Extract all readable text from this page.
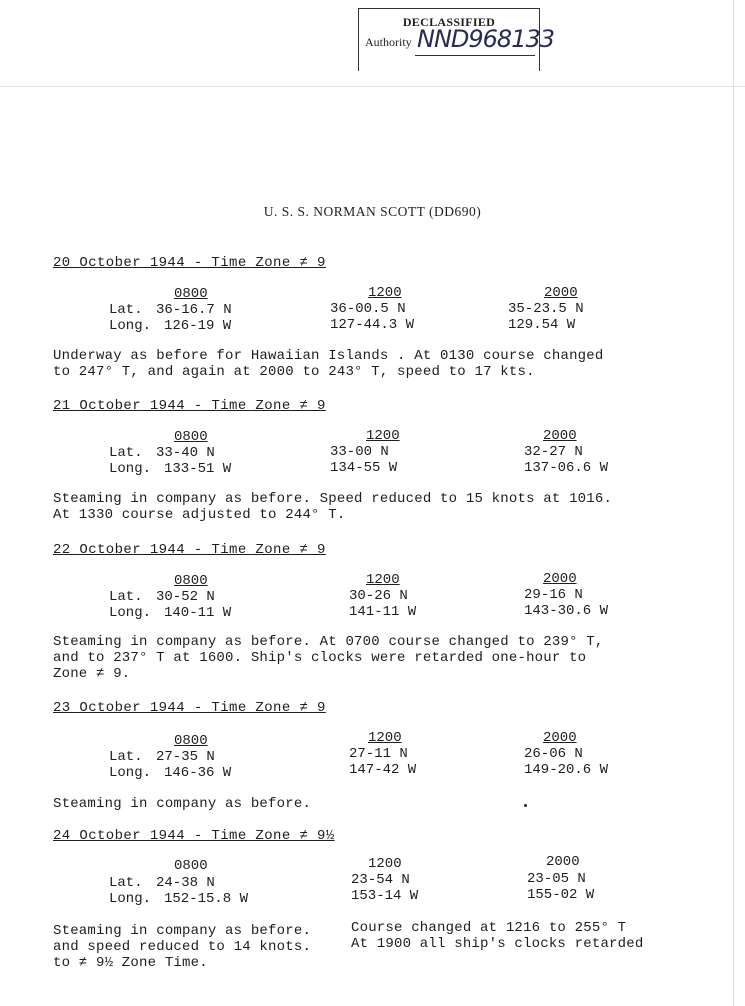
DECLASSIFIED
Authority NND968133
U. S. S. NORMAN SCOTT (DD690)
20 October 1944 - Time Zone ≠ 9
0800	1200	2000
Lat. 36-16.7 N	36-00.5 N	35-23.5 N
Long. 126-19 W	127-44.3 W	129.54 W
Underway as before for Hawaiian Islands . At 0130 course changed
to 247° T, and again at 2000 to 243° T, speed to 17 kts.
21 October 1944 - Time Zone ≠ 9
0800	1200	2000
Lat. 33-40 N	33-00 N	32-27 N
Long. 133-51 W	134-55 W	137-06.6 W
Steaming in company as before. Speed reduced to 15 knots at 1016.
At 1330 course adjusted to 244° T.
22 October 1944 - Time Zone ≠ 9
0800	1200	2000
Lat. 30-52 N	30-26 N	29-16 N
Long. 140-11 W	141-11 W	143-30.6 W
Steaming in company as before. At 0700 course changed to 239° T,
and to 237° T at 1600. Ship's clocks were retarded one-hour to
Zone ≠ 9.
23 October 1944 - Time Zone ≠ 9
0800	1200	2000
Lat. 27-35 N	27-11 N	26-06 N
Long. 146-36 W	147-42 W	149-20.6 W
Steaming in company as before.
24 October 1944 - Time Zone ≠ 9½
0800	1200	2000
Lat. 24-38 N	23-54 N	23-05 N
Long. 152-15.8 W	153-14 W	155-02 W
Steaming in company as before.
and speed reduced to 14 knots.
to ≠ 9½ Zone Time.
Course changed at 1216 to 255° T
At 1900 all ship's clocks retarded
